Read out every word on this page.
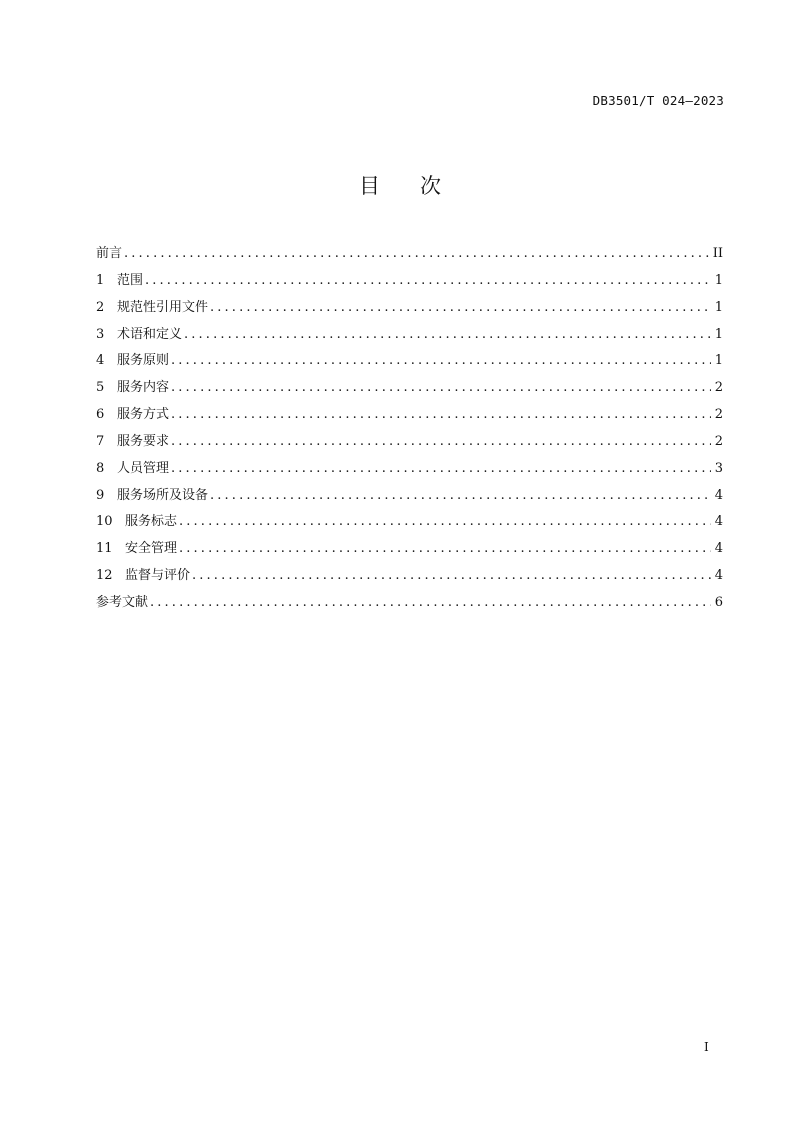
DB3501/T 024—2023
目 次
前言 . . .	II
1 范围 . . .	1
2 规范性引用文件 . . .	1
3 术语和定义 . . .	1
4 服务原则 . . .	1
5 服务内容 . . .	2
6 服务方式 . . .	2
7 服务要求 . . .	2
8 人员管理 . . .	3
9 服务场所及设备 . . .	4
10 服务标志 . . .	4
11 安全管理 . . .	4
12 监督与评价 . . .	4
参考文献 . . .	6
I
